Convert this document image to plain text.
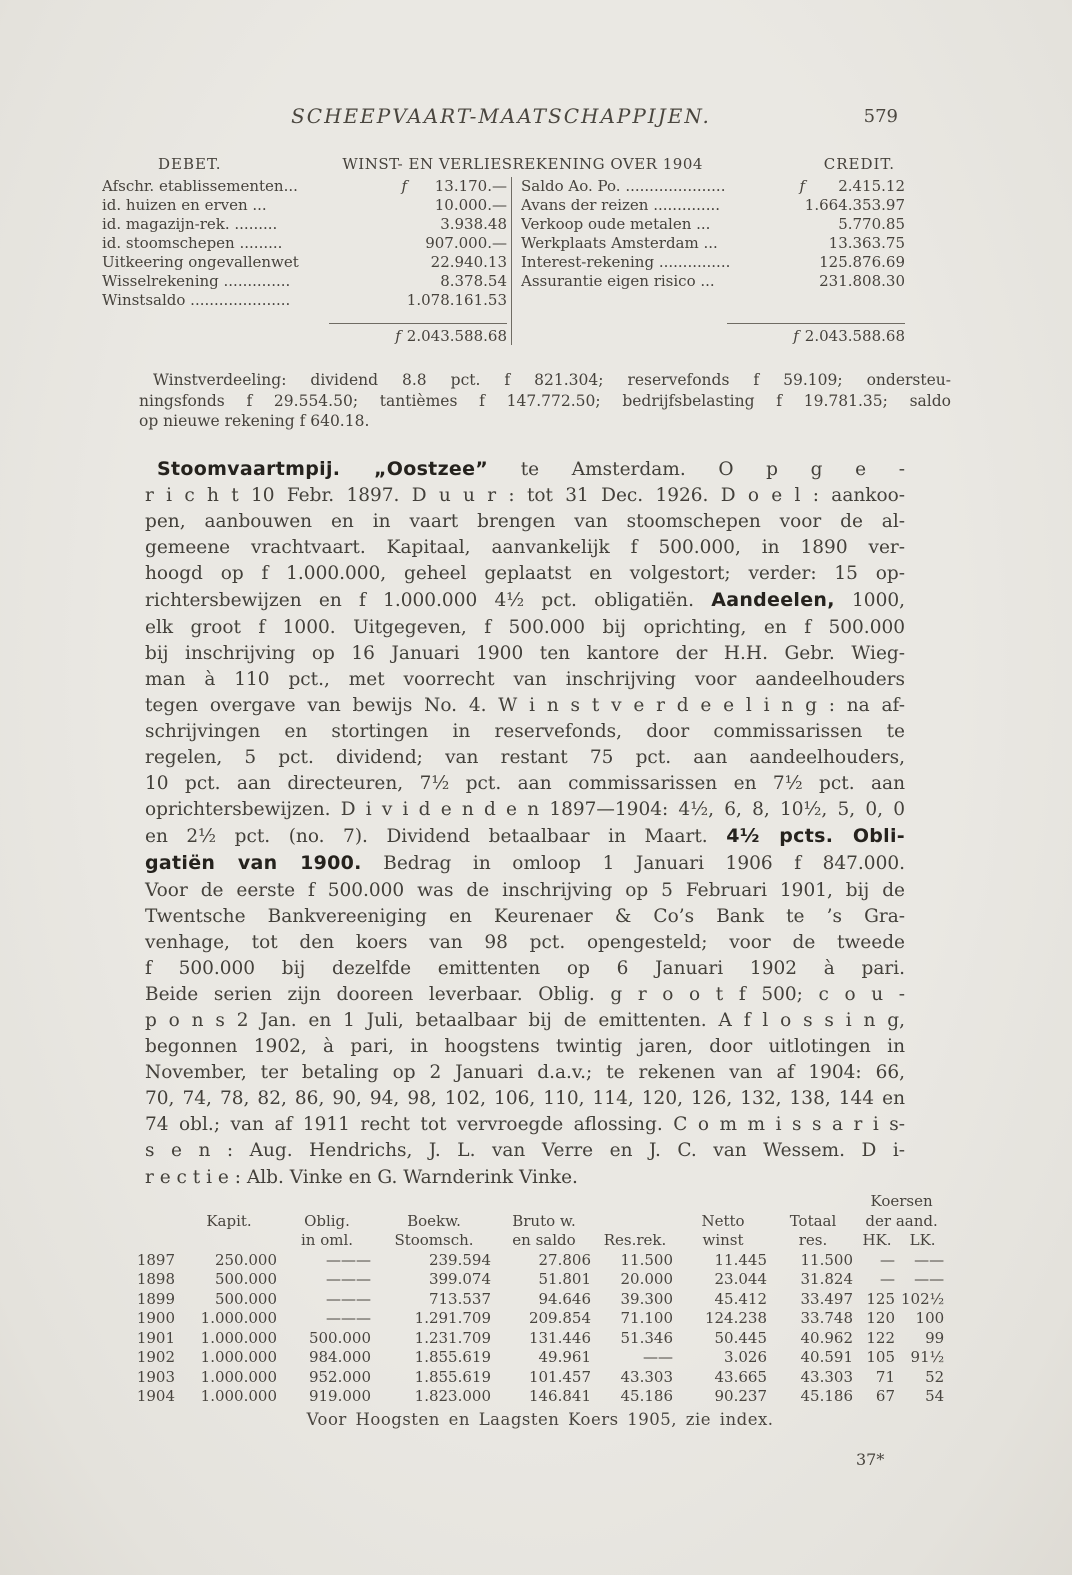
SCHEEPVAART-MAATSCHAPPIJEN.	579
DEBET.	WINST- EN VERLIESREKENING OVER 1904	CREDIT.
Afschr. etablissementen...	f	13.170.—
id. huizen en erven ...	10.000.—
id. magazijn-rek. .........	3.938.48
id. stoomschepen .........	907.000.—
Uitkeering ongevallenwet	22.940.13
Wisselrekening ..............	8.378.54
Winstsaldo .....................	1.078.161.53
f 2.043.588.68
Saldo Ao. Po. .....................	f	2.415.12
Avans der reizen ..............	1.664.353.97
Verkoop oude metalen ...	5.770.85
Werkplaats Amsterdam ...	13.363.75
Interest-rekening ...............	125.876.69
Assurantie eigen risico ...	231.808.30
f 2.043.588.68
Winstverdeeling: dividend 8.8 pct. f 821.304; reservefonds f 59.109; ondersteu-
ningsfonds f 29.554.50; tantièmes f 147.772.50; bedrijfsbelasting f 19.781.35; saldo
op nieuwe rekening f 640.18.
Stoomvaartmpij. „Oostzee” te Amsterdam. O p g e -
r i c h t 10 Febr. 1897. D u u r : tot 31 Dec. 1926. D o e l : aankoo-
pen, aanbouwen en in vaart brengen van stoomschepen voor de al-
gemeene vrachtvaart. Kapitaal, aanvankelijk f 500.000, in 1890 ver-
hoogd op f 1.000.000, geheel geplaatst en volgestort; verder: 15 op-
richtersbewijzen en f 1.000.000 4½ pct. obligatiën. Aandeelen, 1000,
elk groot f 1000. Uitgegeven, f 500.000 bij oprichting, en f 500.000
bij inschrijving op 16 Januari 1900 ten kantore der H.H. Gebr. Wieg-
man à 110 pct., met voorrecht van inschrijving voor aandeelhouders
tegen overgave van bewijs No. 4. W i n s t v e r d e e l i n g : na af-
schrijvingen en stortingen in reservefonds, door commissarissen te
regelen, 5 pct. dividend; van restant 75 pct. aan aandeelhouders,
10 pct. aan directeuren, 7½ pct. aan commissarissen en 7½ pct. aan
oprichtersbewijzen. D i v i d e n d e n 1897—1904: 4½, 6, 8, 10½, 5, 0, 0
en 2½ pct. (no. 7). Dividend betaalbaar in Maart. 4½ pcts. Obli-
gatiën van 1900. Bedrag in omloop 1 Januari 1906 f 847.000.
Voor de eerste f 500.000 was de inschrijving op 5 Februari 1901, bij de
Twentsche Bankvereeniging en Keurenaer & Co’s Bank te ’s Gra-
venhage, tot den koers van 98 pct. opengesteld; voor de tweede
f 500.000 bij dezelfde emittenten op 6 Januari 1902 à pari.
Beide serien zijn dooreen leverbaar. Oblig. g r o o t f 500; c o u -
p o n s 2 Jan. en 1 Juli, betaalbaar bij de emittenten. A f l o s s i n g,
begonnen 1902, à pari, in hoogstens twintig jaren, door uitlotingen in
November, ter betaling op 2 Januari d.a.v.; te rekenen van af 1904: 66,
70, 74, 78, 82, 86, 90, 94, 98, 102, 106, 110, 114, 120, 126, 132, 138, 144 en
74 obl.; van af 1911 recht tot vervroegde aflossing. C o m m i s s a r i s-
s e n : Aug. Hendrichs, J. L. van Verre en J. C. van Wessem. D i-
r e c t i e : Alb. Vinke en G. Warnderink Vinke.
								Koersen	
	Kapit.	Oblig.	Boekw.	Bruto w.		Netto	Totaal	der aand.	
		in oml.	Stoomsch.	en saldo	Res.rek.	winst	res.	HK.	LK.
1897	250.000	———	239.594	27.806	11.500	11.445	11.500	—	——
1898	500.000	———	399.074	51.801	20.000	23.044	31.824	—	——
1899	500.000	———	713.537	94.646	39.300	45.412	33.497	125	102½
1900	1.000.000	———	1.291.709	209.854	71.100	124.238	33.748	120	100
1901	1.000.000	500.000	1.231.709	131.446	51.346	50.445	40.962	122	99
1902	1.000.000	984.000	1.855.619	49.961	——	3.026	40.591	105	91½
1903	1.000.000	952.000	1.855.619	101.457	43.303	43.665	43.303	71	52
1904	1.000.000	919.000	1.823.000	146.841	45.186	90.237	45.186	67	54
Voor Hoogsten en Laagsten Koers 1905, zie index.
37*
